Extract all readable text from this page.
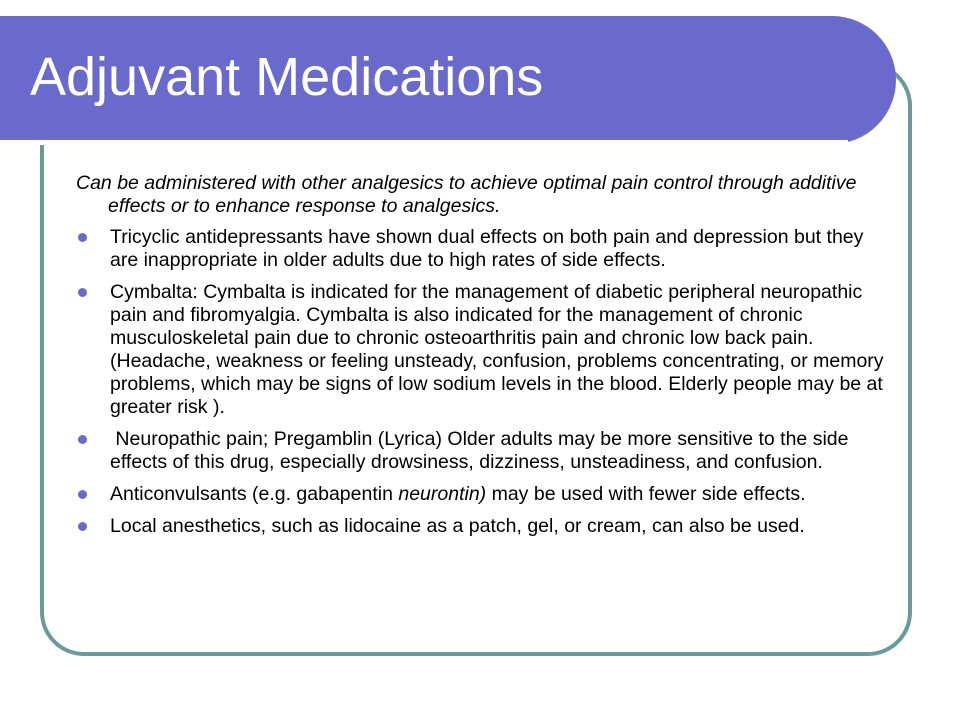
Adjuvant Medications

Can be administered with other analgesics to achieve optimal pain control through additive effects or to enhance response to analgesics.

Tricyclic antidepressants have shown dual effects on both pain and depression but they are inappropriate in older adults due to high rates of side effects.
Cymbalta: Cymbalta is indicated for the management of diabetic peripheral neuropathic pain and fibromyalgia. Cymbalta is also indicated for the management of chronic musculoskeletal pain due to chronic osteoarthritis pain and chronic low back pain. (Headache, weakness or feeling unsteady, confusion, problems concentrating, or memory problems, which may be signs of low sodium levels in the blood. Elderly people may be at greater risk ).
Neuropathic pain; Pregamblin (Lyrica) Older adults may be more sensitive to the side effects of this drug, especially drowsiness, dizziness, unsteadiness, and confusion.
Anticonvulsants (e.g. gabapentin neurontin) may be used with fewer side effects.
Local anesthetics, such as lidocaine as a patch, gel, or cream, can also be used.
